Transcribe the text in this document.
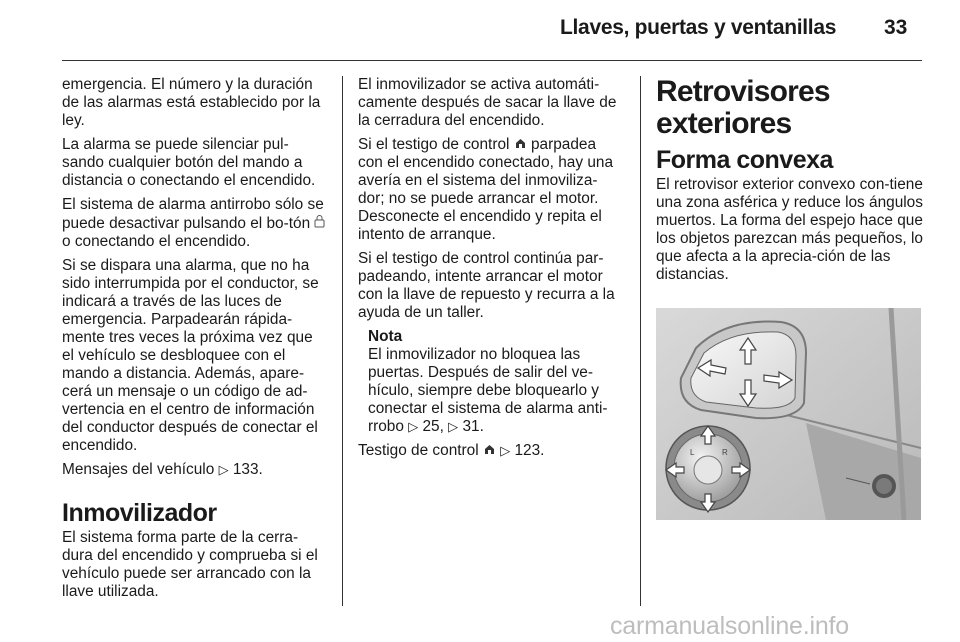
Llaves, puertas y ventanillas 33

emergencia. El número y la duración de las alarmas está establecido por la ley.

La alarma se puede silenciar pul-sando cualquier botón del mando a distancia o conectando el encendido.

El sistema de alarma antirrobo sólo se puede desactivar pulsando el bo-tón  o conectando el encendido.

Si se dispara una alarma, que no ha sido interrumpida por el conductor, se indicará a través de las luces de emergencia. Parpadearán rápida-mente tres veces la próxima vez que el vehículo se desbloquee con el mando a distancia. Además, apare-cerá un mensaje o un código de ad-vertencia en el centro de información del conductor después de conectar el encendido.

Mensajes del vehículo ▷ 133.

Inmovilizador

El sistema forma parte de la cerra-dura del encendido y comprueba si el vehículo puede ser arrancado con la llave utilizada.

El inmovilizador se activa automáti-camente después de sacar la llave de la cerradura del encendido.

Si el testigo de control  parpadea con el encendido conectado, hay una avería en el sistema del inmoviliza-dor; no se puede arrancar el motor. Desconecte el encendido y repita el intento de arranque.

Si el testigo de control continúa par-padeando, intente arrancar el motor con la llave de repuesto y recurra a la ayuda de un taller.

Nota

El inmovilizador no bloquea las puertas. Después de salir del ve-hículo, siempre debe bloquearlo y conectar el sistema de alarma anti-rrobo ▷ 25, ▷ 31.

Testigo de control  ▷ 123.

Retrovisores exteriores
Forma convexa

El retrovisor exterior convexo con-tiene una zona asférica y reduce los ángulos muertos. La forma del espejo hace que los objetos parezcan más pequeños, lo que afecta a la aprecia-ción de las distancias.

L	R
carmanualsonline.info
